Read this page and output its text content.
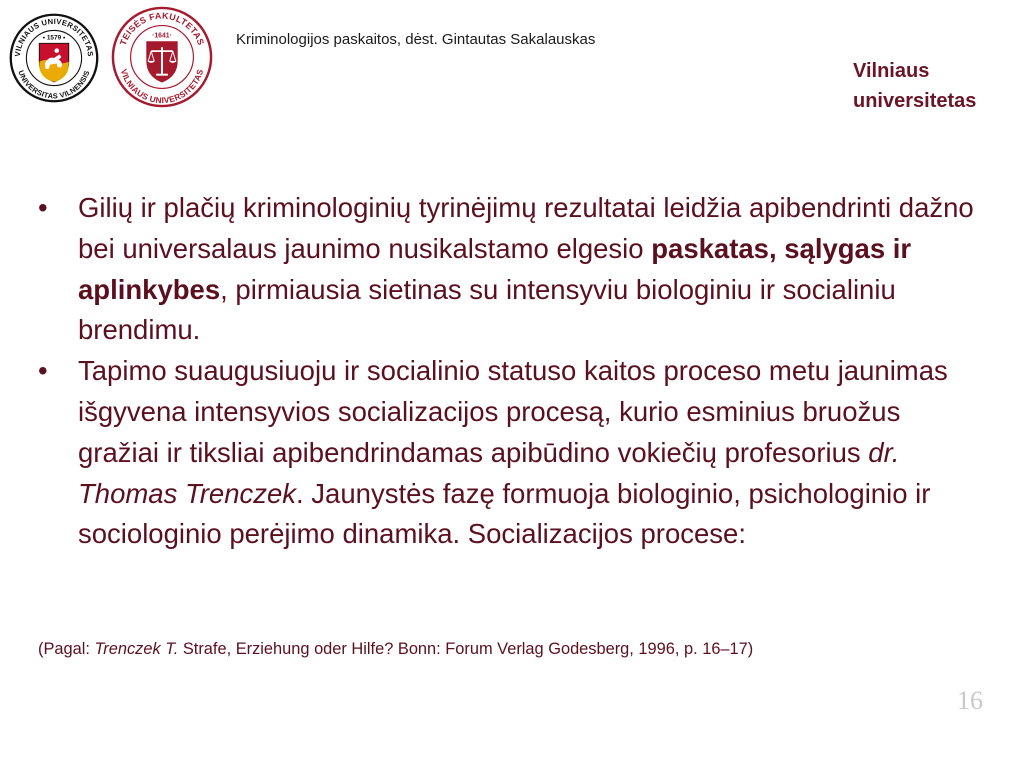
VILNIAUS UNIVERSITETAS
UNIVERSITAS VILNENSIS
• 1579 •	TEISĖS FAKULTETAS
VILNIAUS UNIVERSITETAS
·1641·	Kriminologijos paskaitos, dėst. Gintautas Sakalauskas
Vilniaus
universitetas
• Gilių ir plačių kriminologinių tyrinėjimų rezultatai leidžia apibendrinti dažno bei universalaus jaunimo nusikalstamo elgesio paskatas, sąlygas ir aplinkybes, pirmiausia sietinas su intensyviu biologiniu ir socialiniu brendimu.
• Tapimo suaugusiuoju ir socialinio statuso kaitos proceso metu jaunimas išgyvena intensyvios socializacijos procesą, kurio esminius bruožus gražiai ir tiksliai apibendrindamas apibūdino vokiečių profesorius dr. Thomas Trenczek. Jaunystės fazę formuoja biologinio, psichologinio ir sociologinio perėjimo dinamika. Socializacijos procese:
(Pagal: Trenczek T. Strafe, Erziehung oder Hilfe? Bonn: Forum Verlag Godesberg, 1996, p. 16–17)
16
